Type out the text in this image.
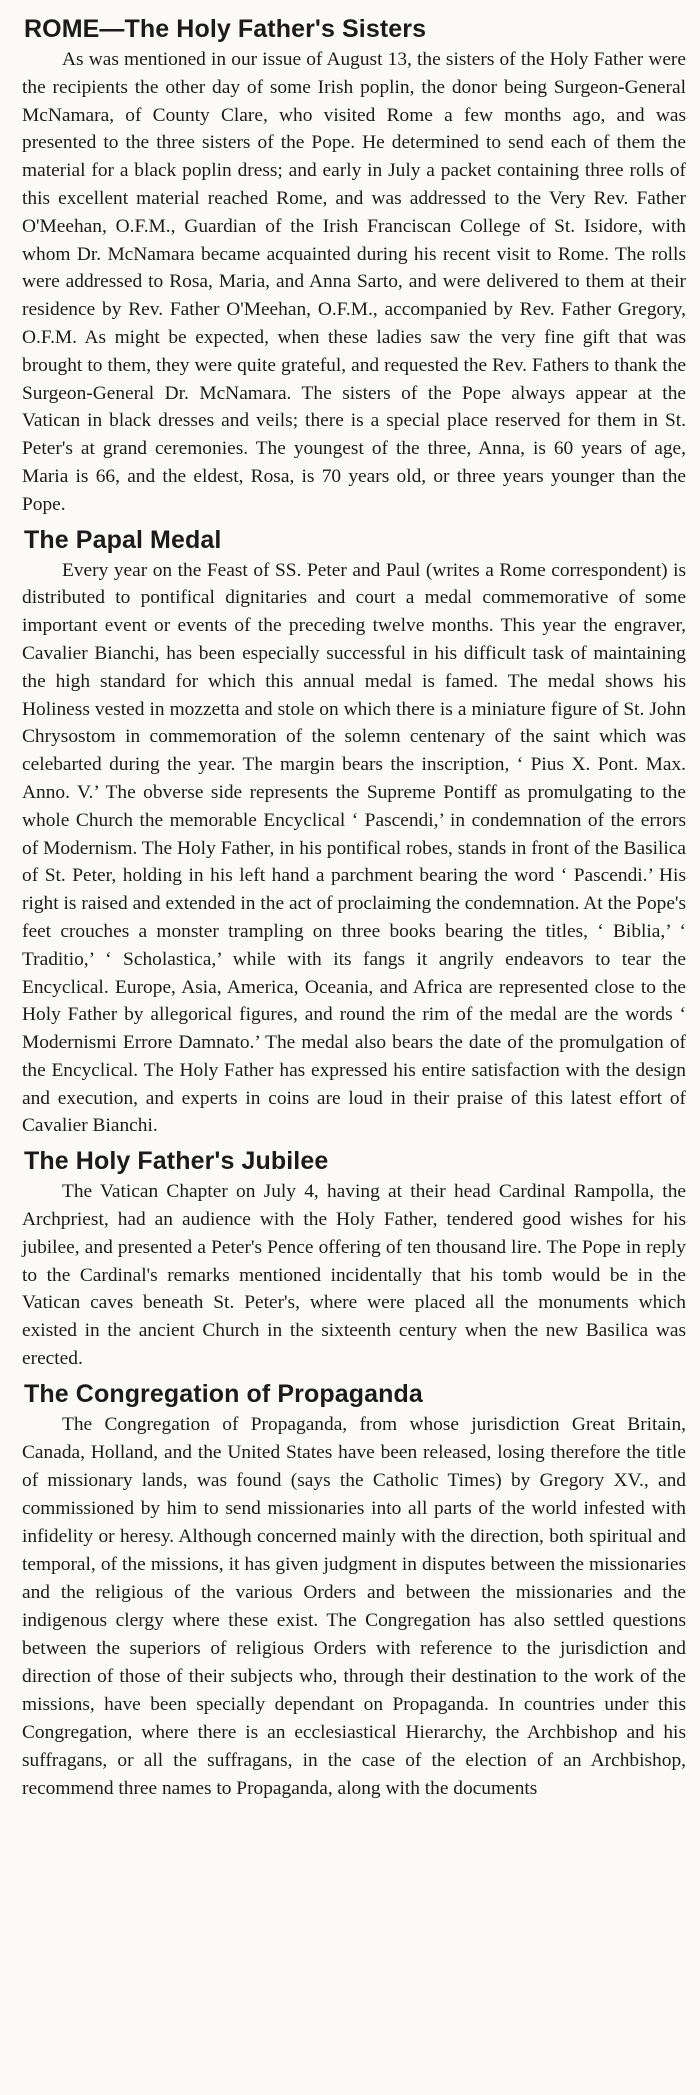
ROME—The Holy Father's Sisters

As was mentioned in our issue of August 13, the sisters of the Holy Father were the recipients the other day of some Irish poplin, the donor being Surgeon-General McNamara, of County Clare, who visited Rome a few months ago, and was presented to the three sisters of the Pope. He determined to send each of them the material for a black poplin dress; and early in July a packet containing three rolls of this excellent material reached Rome, and was addressed to the Very Rev. Father O'Meehan, O.F.M., Guardian of the Irish Franciscan College of St. Isidore, with whom Dr. McNamara became acquainted during his recent visit to Rome. The rolls were addressed to Rosa, Maria, and Anna Sarto, and were delivered to them at their residence by Rev. Father O'Meehan, O.F.M., accompanied by Rev. Father Gregory, O.F.M. As might be expected, when these ladies saw the very fine gift that was brought to them, they were quite grateful, and requested the Rev. Fathers to thank the Surgeon-General Dr. McNamara. The sisters of the Pope always appear at the Vatican in black dresses and veils; there is a special place reserved for them in St. Peter's at grand ceremonies. The youngest of the three, Anna, is 60 years of age, Maria is 66, and the eldest, Rosa, is 70 years old, or three years younger than the Pope.

The Papal Medal

Every year on the Feast of SS. Peter and Paul (writes a Rome correspondent) is distributed to pontifical dignitaries and court a medal commemorative of some important event or events of the preceding twelve months. This year the engraver, Cavalier Bianchi, has been especially successful in his difficult task of maintaining the high standard for which this annual medal is famed. The medal shows his Holiness vested in mozzetta and stole on which there is a miniature figure of St. John Chrysostom in commemoration of the solemn centenary of the saint which was celebarted during the year. The margin bears the inscription, ‘ Pius X. Pont. Max. Anno. V.’ The obverse side represents the Supreme Pontiff as promulgating to the whole Church the memorable Encyclical ‘ Pascendi,’ in condemnation of the errors of Modernism. The Holy Father, in his pontifical robes, stands in front of the Basilica of St. Peter, holding in his left hand a parchment bearing the word ‘ Pascendi.’ His right is raised and extended in the act of proclaiming the condemnation. At the Pope's feet crouches a monster trampling on three books bearing the titles, ‘ Biblia,’ ‘ Traditio,’ ‘ Scholastica,’ while with its fangs it angrily endeavors to tear the Encyclical. Europe, Asia, America, Oceania, and Africa are represented close to the Holy Father by allegorical figures, and round the rim of the medal are the words ‘ Modernismi Errore Damnato.’ The medal also bears the date of the promulgation of the Encyclical. The Holy Father has expressed his entire satisfaction with the design and execution, and experts in coins are loud in their praise of this latest effort of Cavalier Bianchi.

The Holy Father's Jubilee

The Vatican Chapter on July 4, having at their head Cardinal Rampolla, the Archpriest, had an audience with the Holy Father, tendered good wishes for his jubilee, and presented a Peter's Pence offering of ten thousand lire. The Pope in reply to the Cardinal's remarks mentioned incidentally that his tomb would be in the Vatican caves beneath St. Peter's, where were placed all the monuments which existed in the ancient Church in the sixteenth century when the new Basilica was erected.

The Congregation of Propaganda

The Congregation of Propaganda, from whose jurisdiction Great Britain, Canada, Holland, and the United States have been released, losing therefore the title of missionary lands, was found (says the Catholic Times) by Gregory XV., and commissioned by him to send missionaries into all parts of the world infested with infidelity or heresy. Although concerned mainly with the direction, both spiritual and temporal, of the missions, it has given judgment in disputes between the missionaries and the religious of the various Orders and between the missionaries and the indigenous clergy where these exist. The Congregation has also settled questions between the superiors of religious Orders with reference to the jurisdiction and direction of those of their subjects who, through their destination to the work of the missions, have been specially dependant on Propaganda. In countries under this Congregation, where there is an ecclesiastical Hierarchy, the Archbishop and his suffragans, or all the suffragans, in the case of the election of an Archbishop, recommend three names to Propaganda, along with the documents
